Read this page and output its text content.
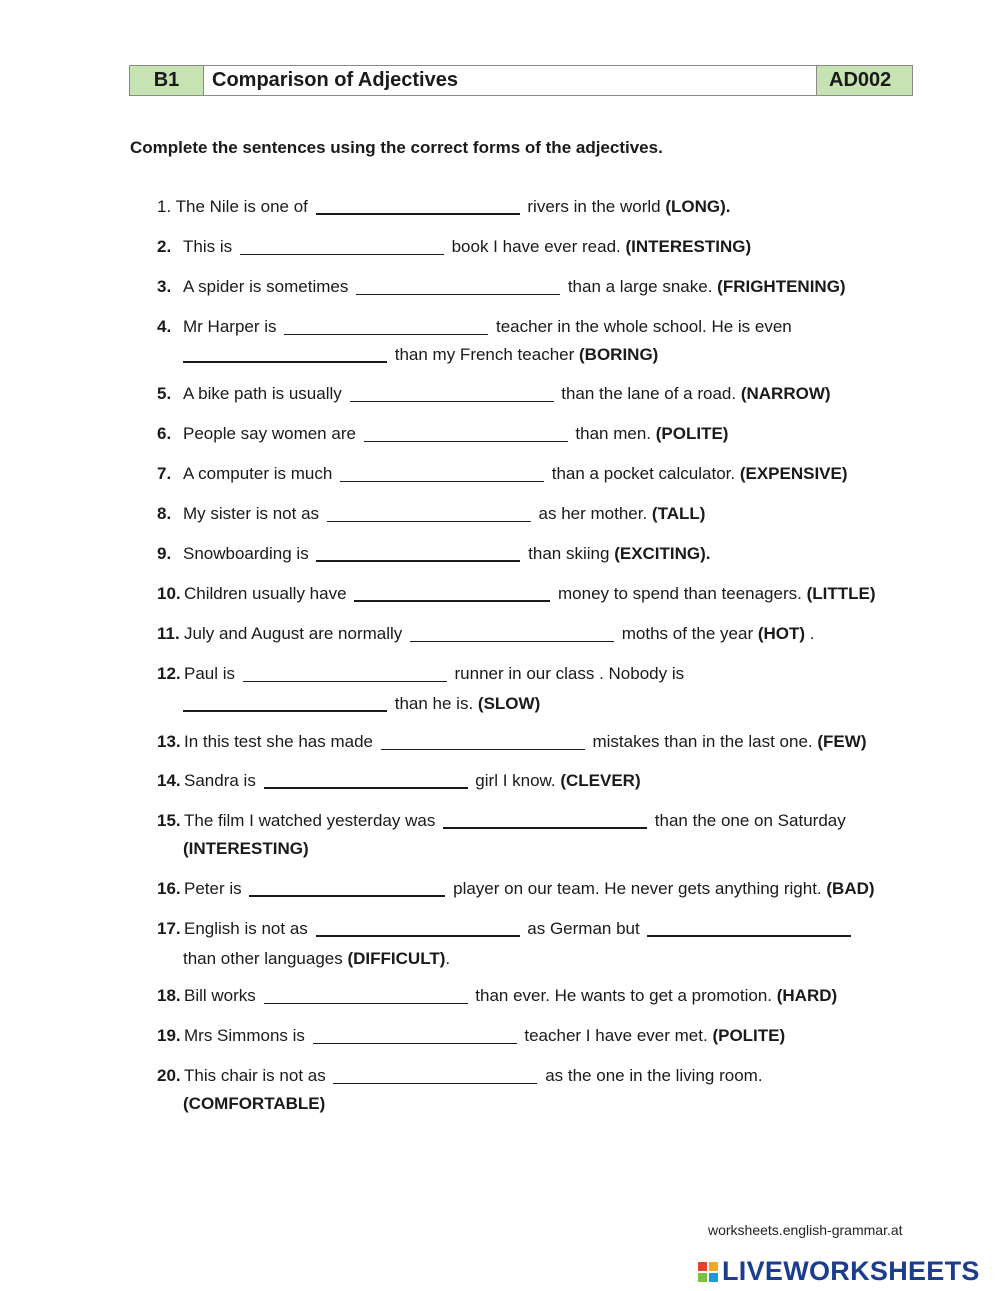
B1	Comparison of Adjectives	AD002
Complete the sentences using the correct forms of the adjectives.
1. The Nile is one of	rivers in the world (LONG).
2. This is	book I have ever read. (INTERESTING)
3. A spider is sometimes	than a large snake. (FRIGHTENING)
4. Mr Harper is	teacher in the whole school. He is even
than my French teacher (BORING)
5. A bike path is usually	than the lane of a road. (NARROW)
6. People say women are	than men. (POLITE)
7. A computer is much	than a pocket calculator. (EXPENSIVE)
8. My sister is not as	as her mother. (TALL)
9. Snowboarding is	than skiing (EXCITING).
10. Children usually have	money to spend than teenagers. (LITTLE)
11. July and August are normally	moths of the year (HOT) .
12. Paul is	runner in our class . Nobody is
than he is. (SLOW)
13. In this test she has made	mistakes than in the last one. (FEW)
14. Sandra is	girl I know. (CLEVER)
15. The film I watched yesterday was	than the one on Saturday
(INTERESTING)
16. Peter is	player on our team. He never gets anything right. (BAD)
17. English is not as	as German but
than other languages (DIFFICULT).
18. Bill works	than ever. He wants to get a promotion. (HARD)
19. Mrs Simmons is	teacher I have ever met. (POLITE)
20. This chair is not as	as the one in the living room.
(COMFORTABLE)
worksheets.english-grammar.at
LIVEWORKSHEETS
